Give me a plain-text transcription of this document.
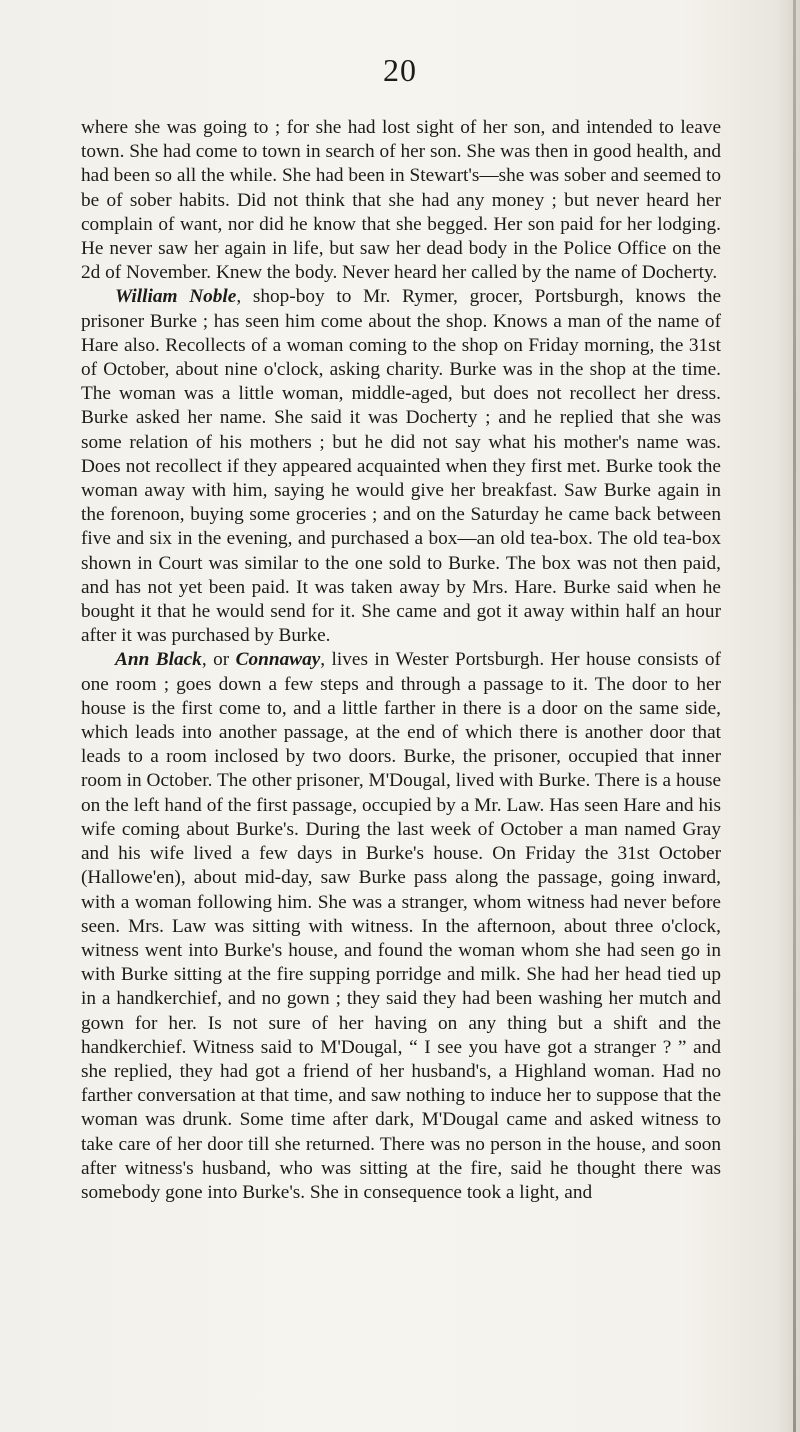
20

where she was going to ; for she had lost sight of her son, and intended to leave town. She had come to town in search of her son. She was then in good health, and had been so all the while. She had been in Stewart's—she was sober and seemed to be of sober habits. Did not think that she had any money ; but never heard her complain of want, nor did he know that she begged. Her son paid for her lodging. He never saw her again in life, but saw her dead body in the Police Office on the 2d of November. Knew the body. Never heard her called by the name of Docherty.

William Noble, shop-boy to Mr. Rymer, grocer, Portsburgh, knows the prisoner Burke ; has seen him come about the shop. Knows a man of the name of Hare also. Recollects of a woman coming to the shop on Friday morning, the 31st of October, about nine o'clock, asking charity. Burke was in the shop at the time. The woman was a little woman, middle-aged, but does not recollect her dress. Burke asked her name. She said it was Docherty ; and he replied that she was some relation of his mothers ; but he did not say what his mother's name was. Does not recollect if they appeared acquainted when they first met. Burke took the woman away with him, saying he would give her breakfast. Saw Burke again in the forenoon, buying some groceries ; and on the Saturday he came back between five and six in the evening, and purchased a box—an old tea-box. The old tea-box shown in Court was similar to the one sold to Burke. The box was not then paid, and has not yet been paid. It was taken away by Mrs. Hare. Burke said when he bought it that he would send for it. She came and got it away within half an hour after it was purchased by Burke.

Ann Black, or Connaway, lives in Wester Portsburgh. Her house consists of one room ; goes down a few steps and through a passage to it. The door to her house is the first come to, and a little farther in there is a door on the same side, which leads into another passage, at the end of which there is another door that leads to a room inclosed by two doors. Burke, the prisoner, occupied that inner room in October. The other prisoner, M'Dougal, lived with Burke. There is a house on the left hand of the first passage, occupied by a Mr. Law. Has seen Hare and his wife coming about Burke's. During the last week of October a man named Gray and his wife lived a few days in Burke's house. On Friday the 31st October (Hallowe'en), about mid-day, saw Burke pass along the passage, going inward, with a woman following him. She was a stranger, whom witness had never before seen. Mrs. Law was sitting with witness. In the afternoon, about three o'clock, witness went into Burke's house, and found the woman whom she had seen go in with Burke sitting at the fire supping porridge and milk. She had her head tied up in a handkerchief, and no gown ; they said they had been washing her mutch and gown for her. Is not sure of her having on any thing but a shift and the handkerchief. Witness said to M'Dougal, “ I see you have got a stranger ? ” and she replied, they had got a friend of her husband's, a Highland woman. Had no farther conversation at that time, and saw nothing to induce her to suppose that the woman was drunk. Some time after dark, M'Dougal came and asked witness to take care of her door till she returned. There was no person in the house, and soon after witness's husband, who was sitting at the fire, said he thought there was somebody gone into Burke's. She in consequence took a light, and
